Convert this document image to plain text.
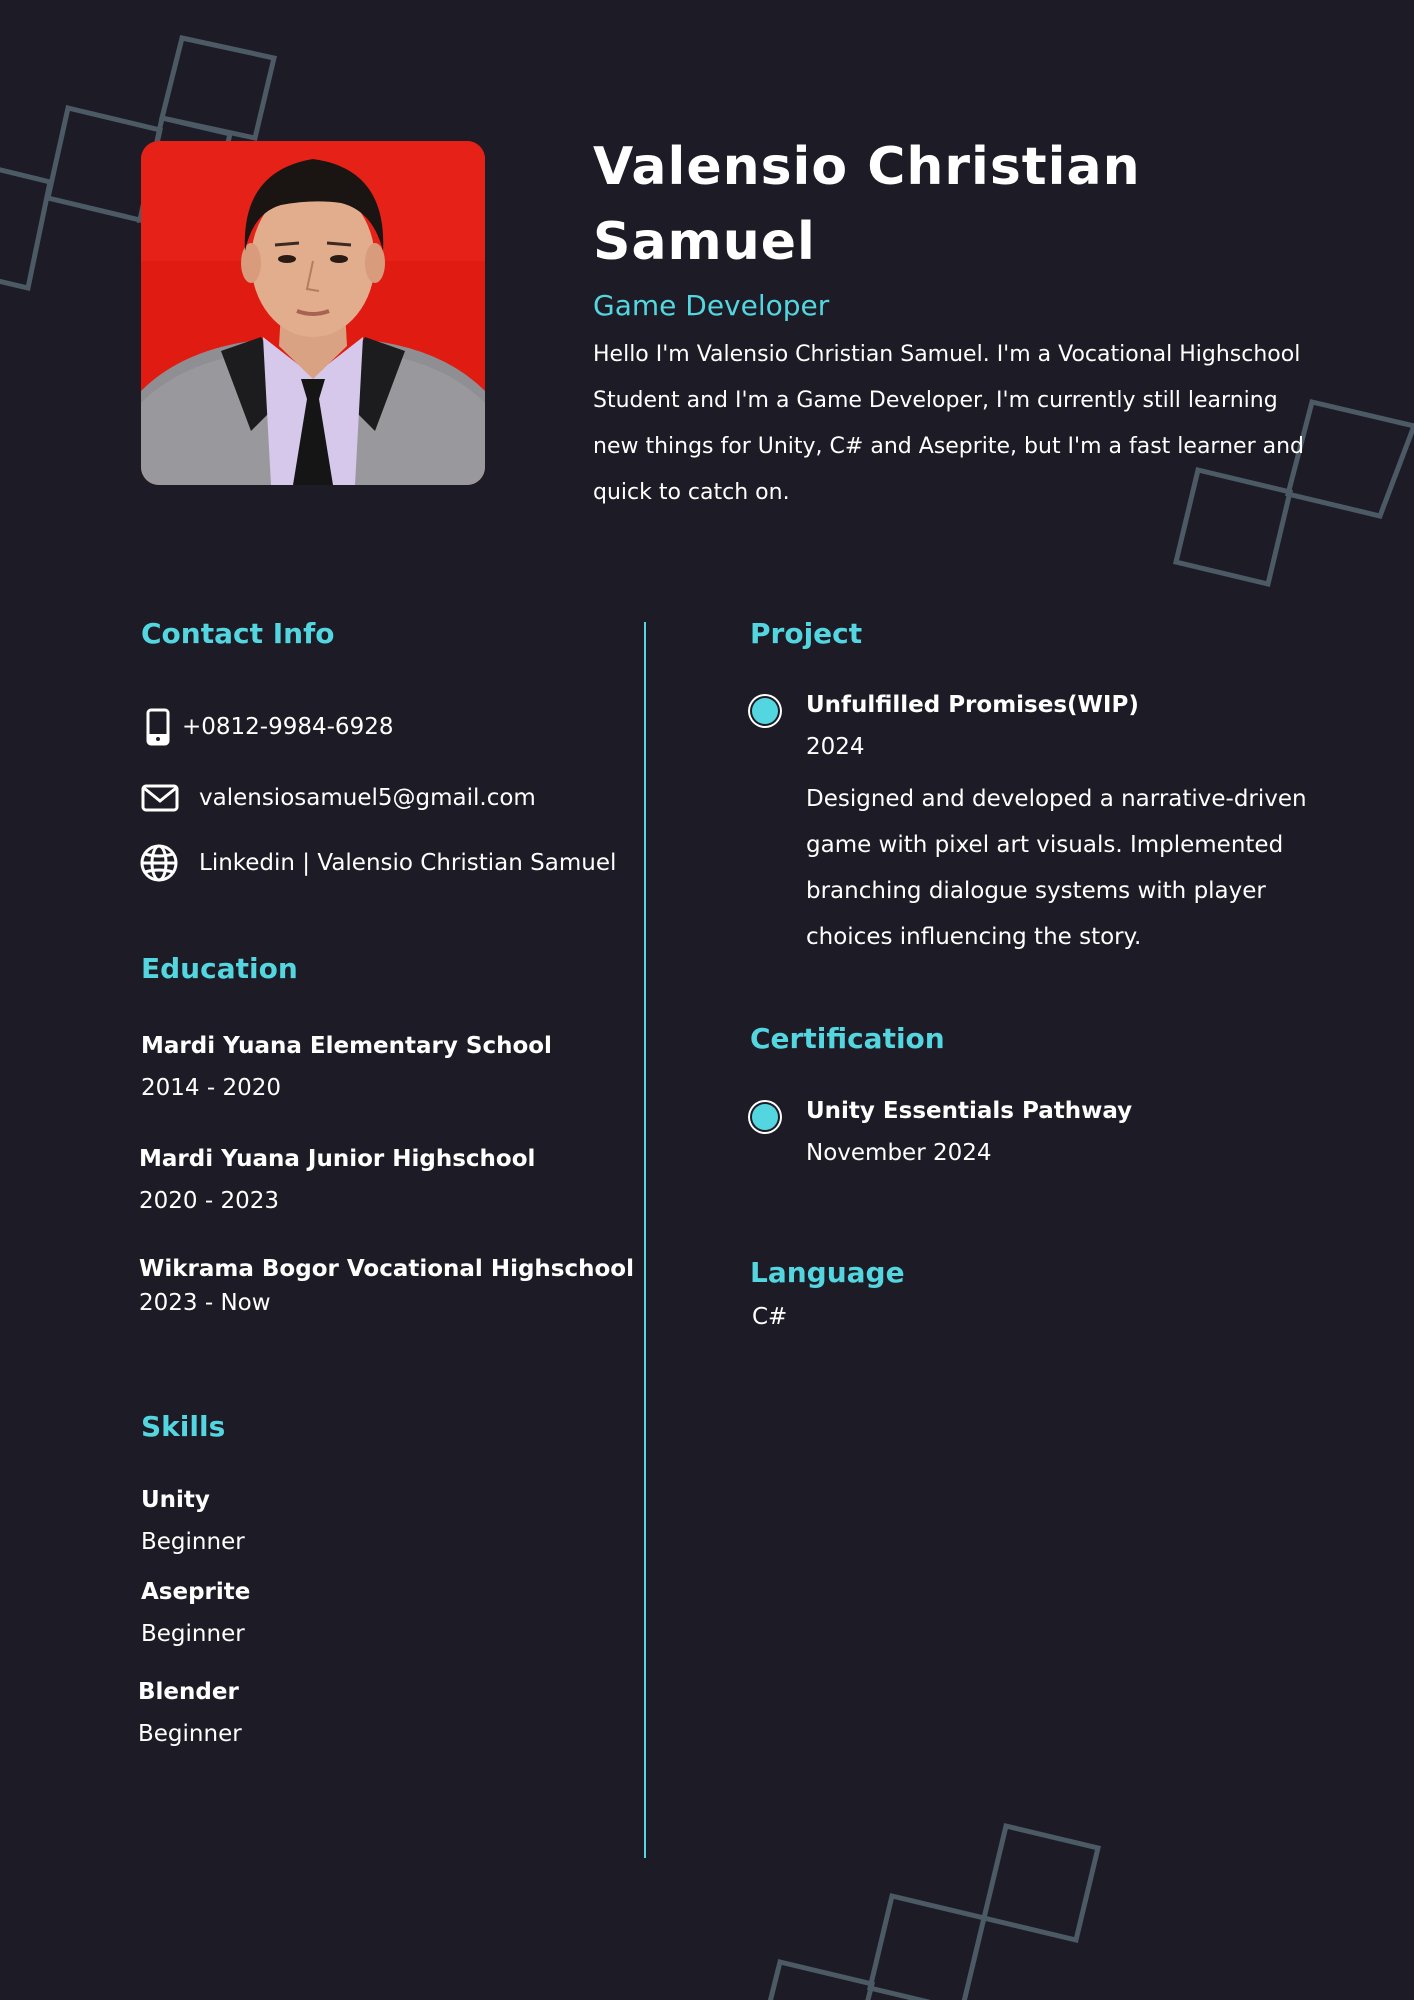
Valensio Christian Samuel
Game Developer
Hello I'm Valensio Christian Samuel. I'm a Vocational Highschool Student and I'm a Game Developer, I'm currently still learning new things for Unity, C# and Aseprite, but I'm a fast learner and quick to catch on.
Contact Info
+0812-9984-6928
valensiosamuel5@gmail.com
Linkedin | Valensio Christian Samuel
Education
Mardi Yuana Elementary School
2014 - 2020
Mardi Yuana Junior Highschool
2020 - 2023
Wikrama Bogor Vocational Highschool
2023 - Now
Skills
Unity
Beginner
Aseprite
Beginner
Blender
Beginner
Project
Unfulfilled Promises(WIP)
2024
Designed and developed a narrative-driven game with pixel art visuals. Implemented branching dialogue systems with player choices influencing the story.
Certification
Unity Essentials Pathway
November 2024
Language
C#
